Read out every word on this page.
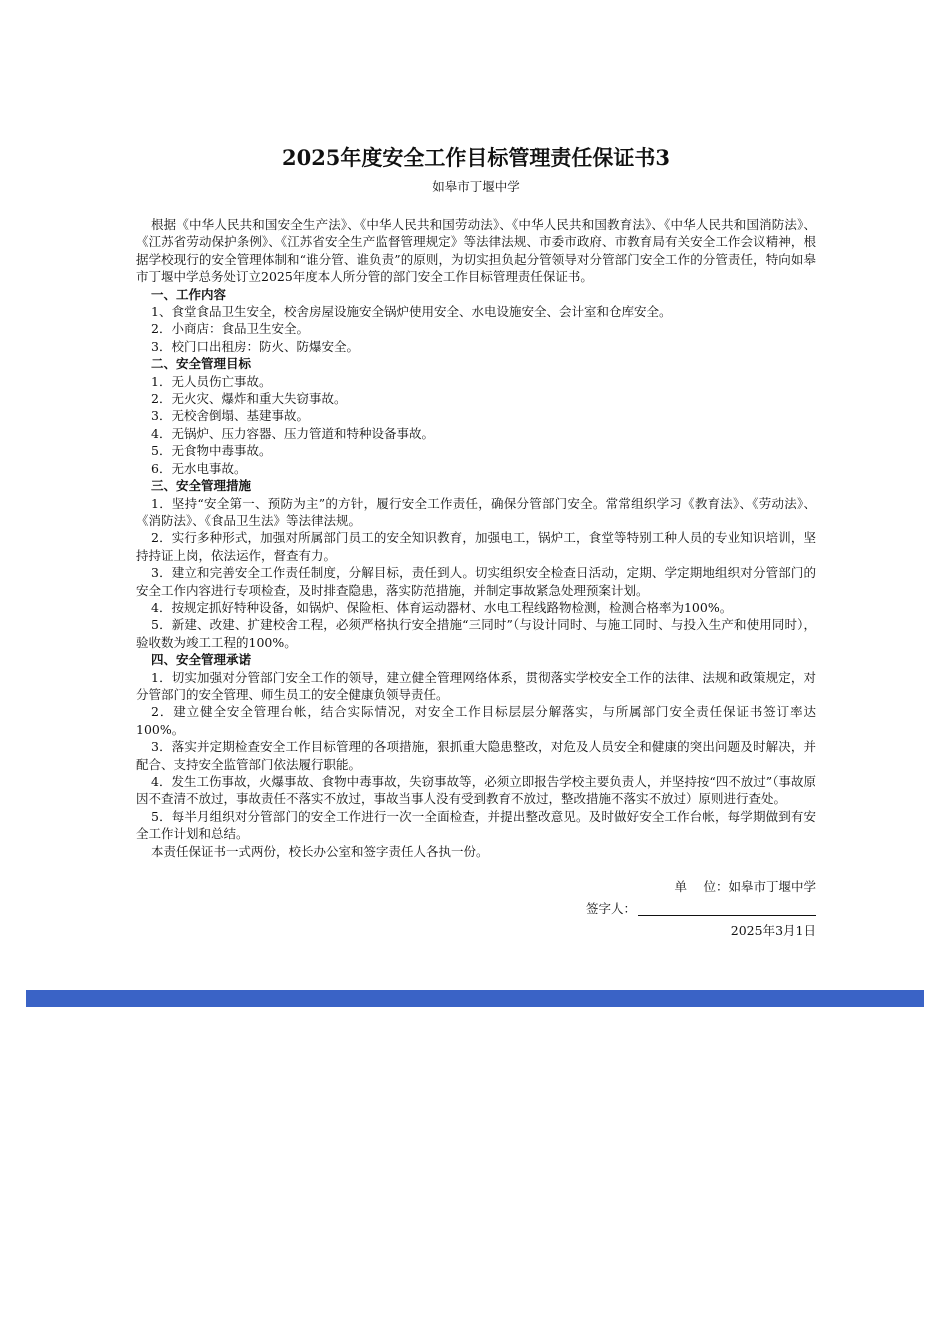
2025年度安全工作目标管理责任保证书3

如皋市丁堰中学

根据《中华人民共和国安全生产法》、《中华人民共和国劳动法》、《中华人民共和国教育法》、《中华人民共和国消防法》、《江苏省劳动保护条例》、《江苏省安全生产监督管理规定》等法律法规、市委市政府、市教育局有关安全工作会议精神，根据学校现行的安全管理体制和“谁分管、谁负责”的原则，为切实担负起分管领导对分管部门安全工作的分管责任，特向如皋市丁堰中学总务处订立2025年度本人所分管的部门安全工作目标管理责任保证书。

一、工作内容

1、食堂食品卫生安全，校舍房屋设施安全锅炉使用安全、水电设施安全、会计室和仓库安全。

2．小商店：食品卫生安全。

3．校门口出租房：防火、防爆安全。

二、安全管理目标

1．无人员伤亡事故。

2．无火灾、爆炸和重大失窃事故。

3．无校舍倒塌、基建事故。

4．无锅炉、压力容器、压力管道和特种设备事故。

5．无食物中毒事故。

6．无水电事故。

三、安全管理措施

1．坚持“安全第一、预防为主”的方针，履行安全工作责任，确保分管部门安全。常常组织学习《教育法》、《劳动法》、《消防法》、《食品卫生法》等法律法规。

2．实行多种形式，加强对所属部门员工的安全知识教育，加强电工，锅炉工，食堂等特别工种人员的专业知识培训，坚持持证上岗，依法运作，督查有力。

3．建立和完善安全工作责任制度，分解目标，责任到人。切实组织安全检查日活动，定期、学定期地组织对分管部门的安全工作内容进行专项检查，及时排查隐患，落实防范措施，并制定事故紧急处理预案计划。

4．按规定抓好特种设备，如锅炉、保险柜、体育运动器材、水电工程线路物检测，检测合格率为100%。

5．新建、改建、扩建校舍工程，必须严格执行安全措施“三同时”（与设计同时、与施工同时、与投入生产和使用同时），验收数为竣工工程的100%。

四、安全管理承诺

1．切实加强对分管部门安全工作的领导，建立健全管理网络体系，贯彻落实学校安全工作的法律、法规和政策规定，对分管部门的安全管理、师生员工的安全健康负领导责任。

2．建立健全安全管理台帐，结合实际情况，对安全工作目标层层分解落实，与所属部门安全责任保证书签订率达100%。

3．落实并定期检查安全工作目标管理的各项措施，狠抓重大隐患整改，对危及人员安全和健康的突出问题及时解决，并配合、支持安全监管部门依法履行职能。

4．发生工伤事故，火爆事故、食物中毒事故，失窃事故等，必须立即报告学校主要负责人，并坚持按“四不放过”（事故原因不查清不放过，事故责任不落实不放过，事故当事人没有受到教育不放过，整改措施不落实不放过）原则进行查处。

5．每半月组织对分管部门的安全工作进行一次一全面检查，并提出整改意见。及时做好安全工作台帐，每学期做到有安全工作计划和总结。

本责任保证书一式两份，校长办公室和签字责任人各执一份。

单　 位： 如皋市丁堰中学
签字人：
2025年3月1日
